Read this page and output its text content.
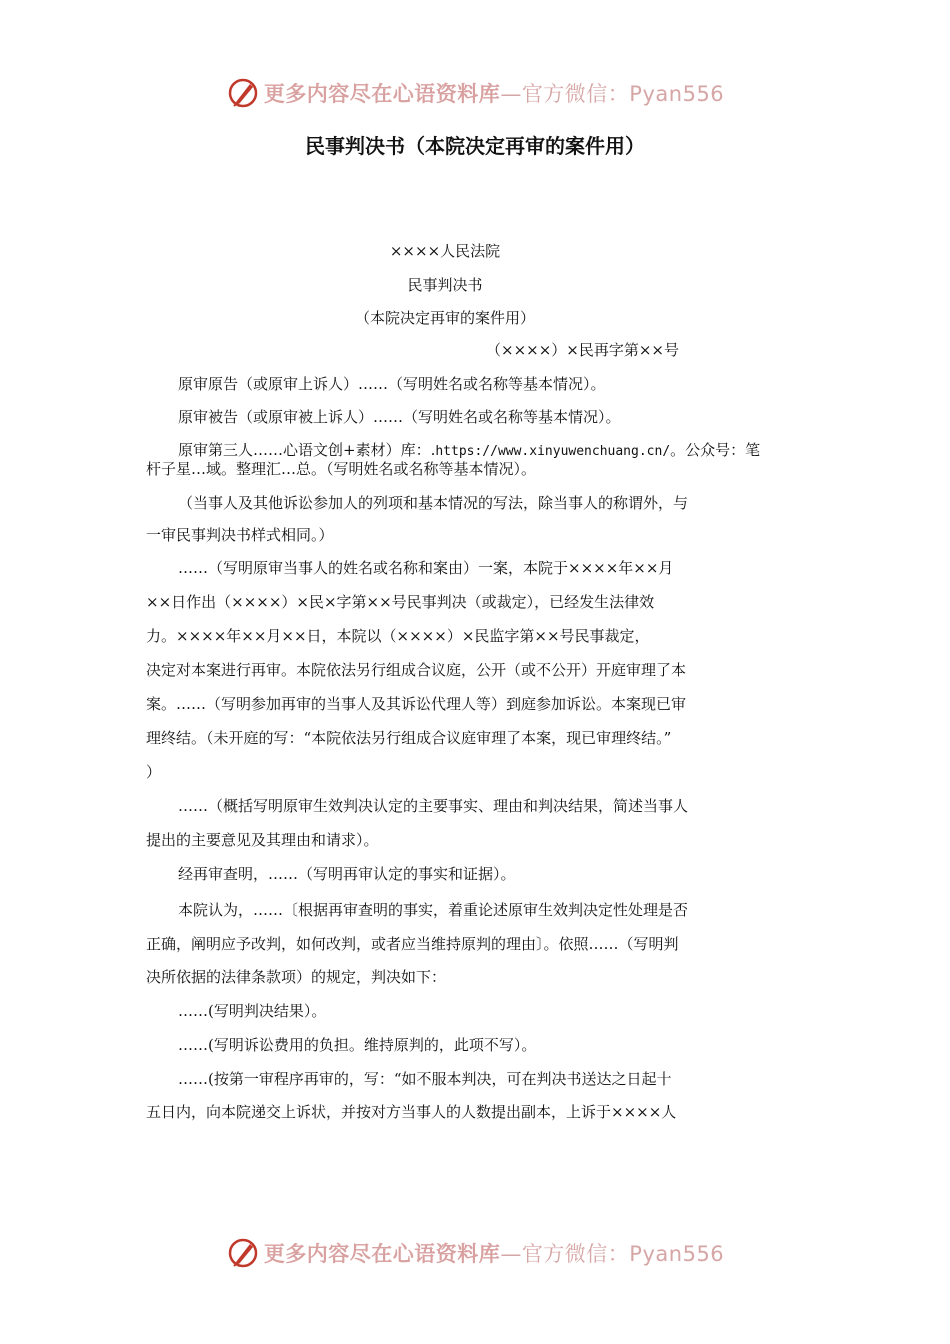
更多内容尽在心语资料库—官方微信：Pyan556
民事判决书（本院决定再审的案件用）
××××人民法院
民事判决书
（本院决定再审的案件用）
（××××）×民再字第××号
原审原告（或原审上诉人）……（写明姓名或名称等基本情况）。
原审被告（或原审被上诉人）……（写明姓名或名称等基本情况）。
原审第三人……心语文创+素材）库：.https://www.xinyuwenchuang.cn/。公众号：笔
杆子星…域。整理汇…总。（写明姓名或名称等基本情况）。
（当事人及其他诉讼参加人的列项和基本情况的写法，除当事人的称谓外，与
一审民事判决书样式相同。）
……（写明原审当事人的姓名或名称和案由）一案，本院于××××年××月
××日作出（××××）×民×字第××号民事判决（或裁定），已经发生法律效
力。××××年××月××日，本院以（××××）×民监字第××号民事裁定，
决定对本案进行再审。本院依法另行组成合议庭，公开（或不公开）开庭审理了本
案。……（写明参加再审的当事人及其诉讼代理人等）到庭参加诉讼。本案现已审
理终结。（未开庭的写：“本院依法另行组成合议庭审理了本案，现已审理终结。”
）
……（概括写明原审生效判决认定的主要事实、理由和判决结果，简述当事人
提出的主要意见及其理由和请求）。
经再审查明，……（写明再审认定的事实和证据）。
本院认为，……〔根据再审查明的事实，着重论述原审生效判决定性处理是否
正确，阐明应予改判，如何改判，或者应当维持原判的理由〕。依照……（写明判
决所依据的法律条款项）的规定，判决如下：
……(写明判决结果）。
……(写明诉讼费用的负担。维持原判的，此项不写）。
……(按第一审程序再审的，写：“如不服本判决，可在判决书送达之日起十
五日内，向本院递交上诉状，并按对方当事人的人数提出副本，上诉于××××人
更多内容尽在心语资料库—官方微信：Pyan556
